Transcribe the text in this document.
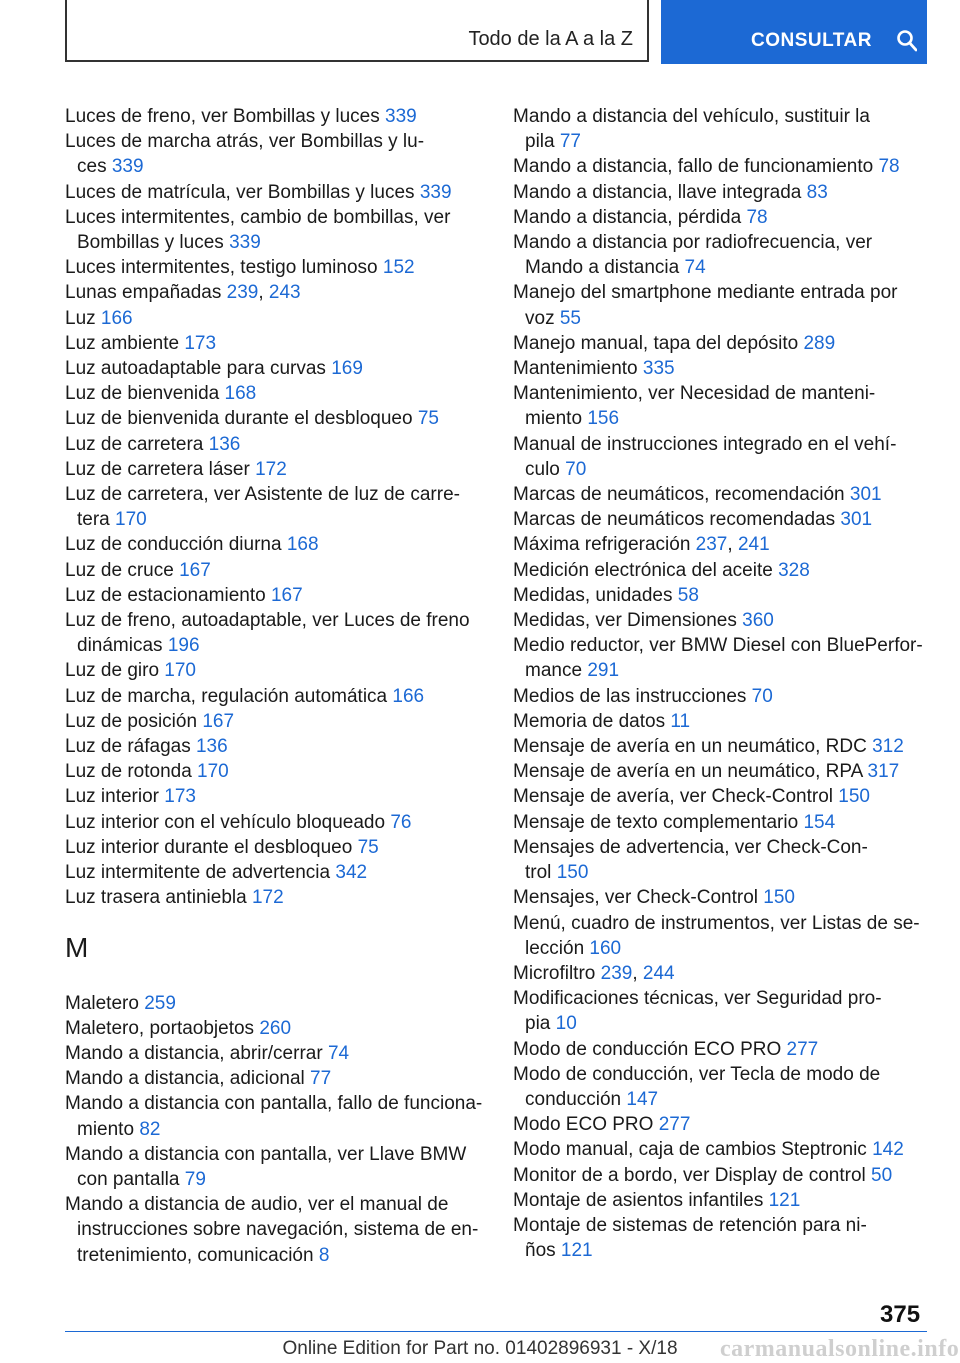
Todo de la A a la Z	CONSULTAR

Luces de freno, ver Bombillas y luces 339

Luces de marcha atrás, ver Bombillas y lu‐
ces 339

Luces de matrícula, ver Bombillas y luces 339

Luces intermitentes, cambio de bombillas, ver
Bombillas y luces 339

Luces intermitentes, testigo luminoso 152

Lunas empañadas 239, 243

Luz 166

Luz ambiente 173

Luz autoadaptable para curvas 169

Luz de bienvenida 168

Luz de bienvenida durante el desbloqueo 75

Luz de carretera 136

Luz de carretera láser 172

Luz de carretera, ver Asistente de luz de carre‐
tera 170

Luz de conducción diurna 168

Luz de cruce 167

Luz de estacionamiento 167

Luz de freno, autoadaptable, ver Luces de freno
dinámicas 196

Luz de giro 170

Luz de marcha, regulación automática 166

Luz de posición 167

Luz de ráfagas 136

Luz de rotonda 170

Luz interior 173

Luz interior con el vehículo bloqueado 76

Luz interior durante el desbloqueo 75

Luz intermitente de advertencia 342

Luz trasera antiniebla 172

M

Maletero 259

Maletero, portaobjetos 260

Mando a distancia, abrir/cerrar 74

Mando a distancia, adicional 77

Mando a distancia con pantalla, fallo de funciona‐
miento 82

Mando a distancia con pantalla, ver Llave BMW
con pantalla 79

Mando a distancia de audio, ver el manual de
instrucciones sobre navegación, sistema de en‐
tretenimiento, comunicación 8

Mando a distancia del vehículo, sustituir la
pila 77

Mando a distancia, fallo de funcionamiento 78

Mando a distancia, llave integrada 83

Mando a distancia, pérdida 78

Mando a distancia por radiofrecuencia, ver
Mando a distancia 74

Manejo del smartphone mediante entrada por
voz 55

Manejo manual, tapa del depósito 289

Mantenimiento 335

Mantenimiento, ver Necesidad de manteni‐
miento 156

Manual de instrucciones integrado en el vehí‐
culo 70

Marcas de neumáticos, recomendación 301

Marcas de neumáticos recomendadas 301

Máxima refrigeración 237, 241

Medición electrónica del aceite 328

Medidas, unidades 58

Medidas, ver Dimensiones 360

Medio reductor, ver BMW Diesel con BluePerfor‐
mance 291

Medios de las instrucciones 70

Memoria de datos 11

Mensaje de avería en un neumático, RDC 312

Mensaje de avería en un neumático, RPA 317

Mensaje de avería, ver Check-Control 150

Mensaje de texto complementario 154

Mensajes de advertencia, ver Check-Con‐
trol 150

Mensajes, ver Check-Control 150

Menú, cuadro de instrumentos, ver Listas de se‐
lección 160

Microfiltro 239, 244

Modificaciones técnicas, ver Seguridad pro‐
pia 10

Modo de conducción ECO PRO 277

Modo de conducción, ver Tecla de modo de
conducción 147

Modo ECO PRO 277

Modo manual, caja de cambios Steptronic 142

Monitor de a bordo, ver Display de control 50

Montaje de asientos infantiles 121

Montaje de sistemas de retención para ni‐
ños 121

375
Online Edition for Part no. 01402896931 - X/18	carmanualsonline.info
